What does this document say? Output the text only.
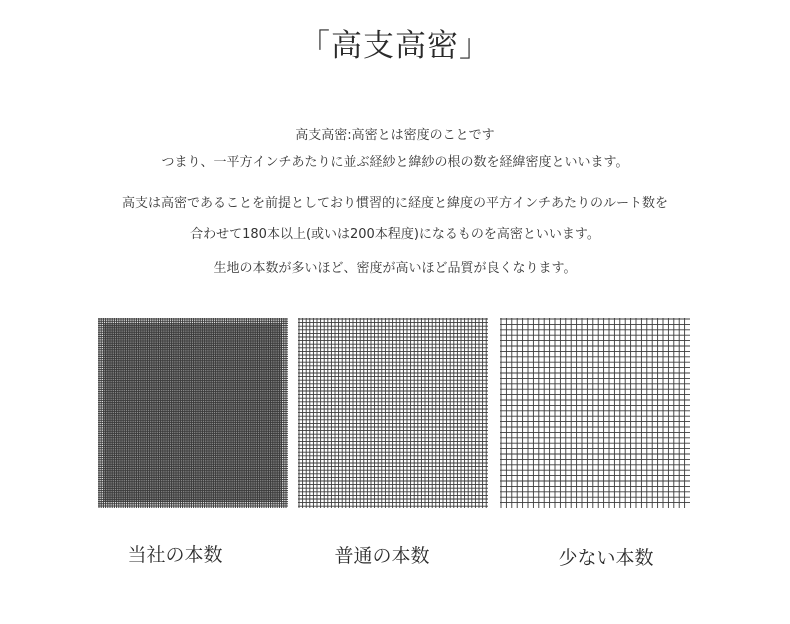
「高支高密」

高支高密:高密とは密度のことです

つまり、一平方インチあたりに並ぶ経紗と緯紗の根の数を経緯密度といいます。

高支は高密であることを前提としており慣習的に経度と緯度の平方インチあたりのルート数を

合わせて180本以上(或いは200本程度)になるものを高密といいます。

生地の本数が多いほど、密度が高いほど品質が良くなります。

当社の本数	普通の本数	少ない本数
